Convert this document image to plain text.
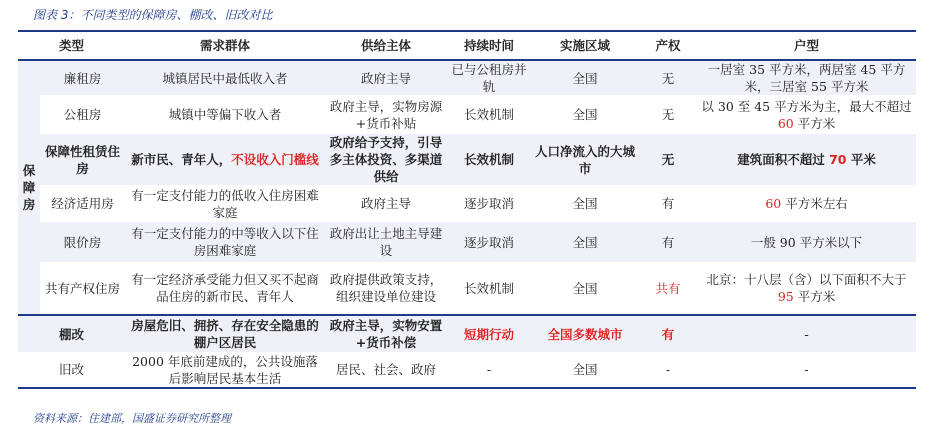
图表 3：不同类型的保障房、棚改、旧改对比
类型		需求群体	供给主体	持续时间	实施区域	产权	户型
保障房	廉租房	城镇居民中最低收入者	政府主导	已与公租房并轨	全国	无	一居室 35 平方米，两居室 45 平方米，三居室 55 平方米
	公租房	城镇中等偏下收入者	政府主导，实物房源+货币补贴	长效机制	全国	无	以 30 至 45 平方米为主，最大不超过 60 平方米
	保障性租赁住房	新市民、青年人，不设收入门槛线	政府给予支持，引导多主体投资、多渠道供给	长效机制	人口净流入的大城市	无	建筑面积不超过 70 平米
	经济适用房	有一定支付能力的低收入住房困难家庭	政府主导	逐步取消	全国	有	60 平方米左右
	限价房	有一定支付能力的中等收入以下住房困难家庭	政府出让土地主导建设	逐步取消	全国	有	一般 90 平方米以下
	共有产权住房	有一定经济承受能力但又买不起商品住房的新市民、青年人	政府提供政策支持，组织建设单位建设	长效机制	全国	共有	北京：十八层（含）以下面积不大于 95 平方米
棚改		房屋危旧、拥挤、存在安全隐患的棚户区居民	政府主导，实物安置+货币补偿	短期行动	全国多数城市	有	-
旧改		2000 年底前建成的，公共设施落后影响居民基本生活	居民、社会、政府	-	全国	-	-
资料来源：住建部，国盛证券研究所整理
